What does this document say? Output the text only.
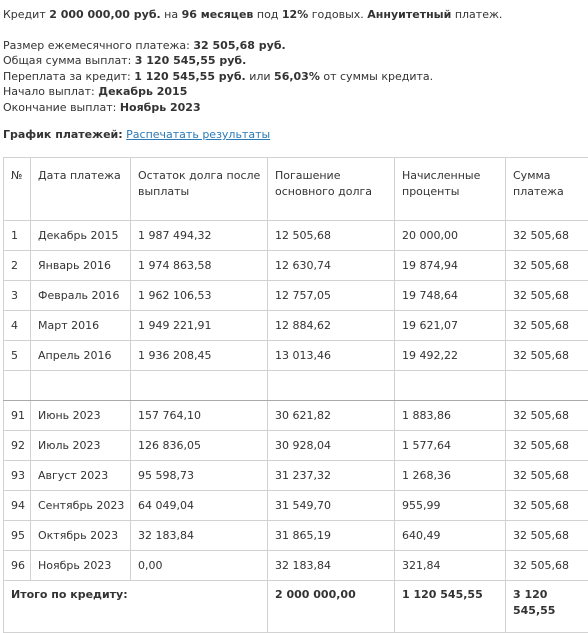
Кредит 2 000 000,00 руб. на 96 месяцев под 12% годовых. Аннуитетный платеж.

Размер ежемесячного платежа: 32 505,68 руб.

Общая сумма выплат: 3 120 545,55 руб.

Переплата за кредит: 1 120 545,55 руб. или 56,03% от суммы кредита.

Начало выплат: Декабрь 2015

Окончание выплат: Ноябрь 2023

График платежей: Распечатать результаты
№	Дата платежа	Остаток долга после выплаты	Погашение основного долга	Начисленные проценты	Сумма платежа
1	Декабрь 2015	1 987 494,32	12 505,68	20 000,00	32 505,68
2	Январь 2016	1 974 863,58	12 630,74	19 874,94	32 505,68
3	Февраль 2016	1 962 106,53	12 757,05	19 748,64	32 505,68
4	Март 2016	1 949 221,91	12 884,62	19 621,07	32 505,68
5	Апрель 2016	1 936 208,45	13 013,46	19 492,22	32 505,68

91	Июнь 2023	157 764,10	30 621,82	1 883,86	32 505,68
92	Июль 2023	126 836,05	30 928,04	1 577,64	32 505,68
93	Август 2023	95 598,73	31 237,32	1 268,36	32 505,68
94	Сентябрь 2023	64 049,04	31 549,70	955,99	32 505,68
95	Октябрь 2023	32 183,84	31 865,19	640,49	32 505,68
96	Ноябрь 2023	0,00	32 183,84	321,84	32 505,68
Итого по кредиту:			2 000 000,00	1 120 545,55	3 120 545,55
